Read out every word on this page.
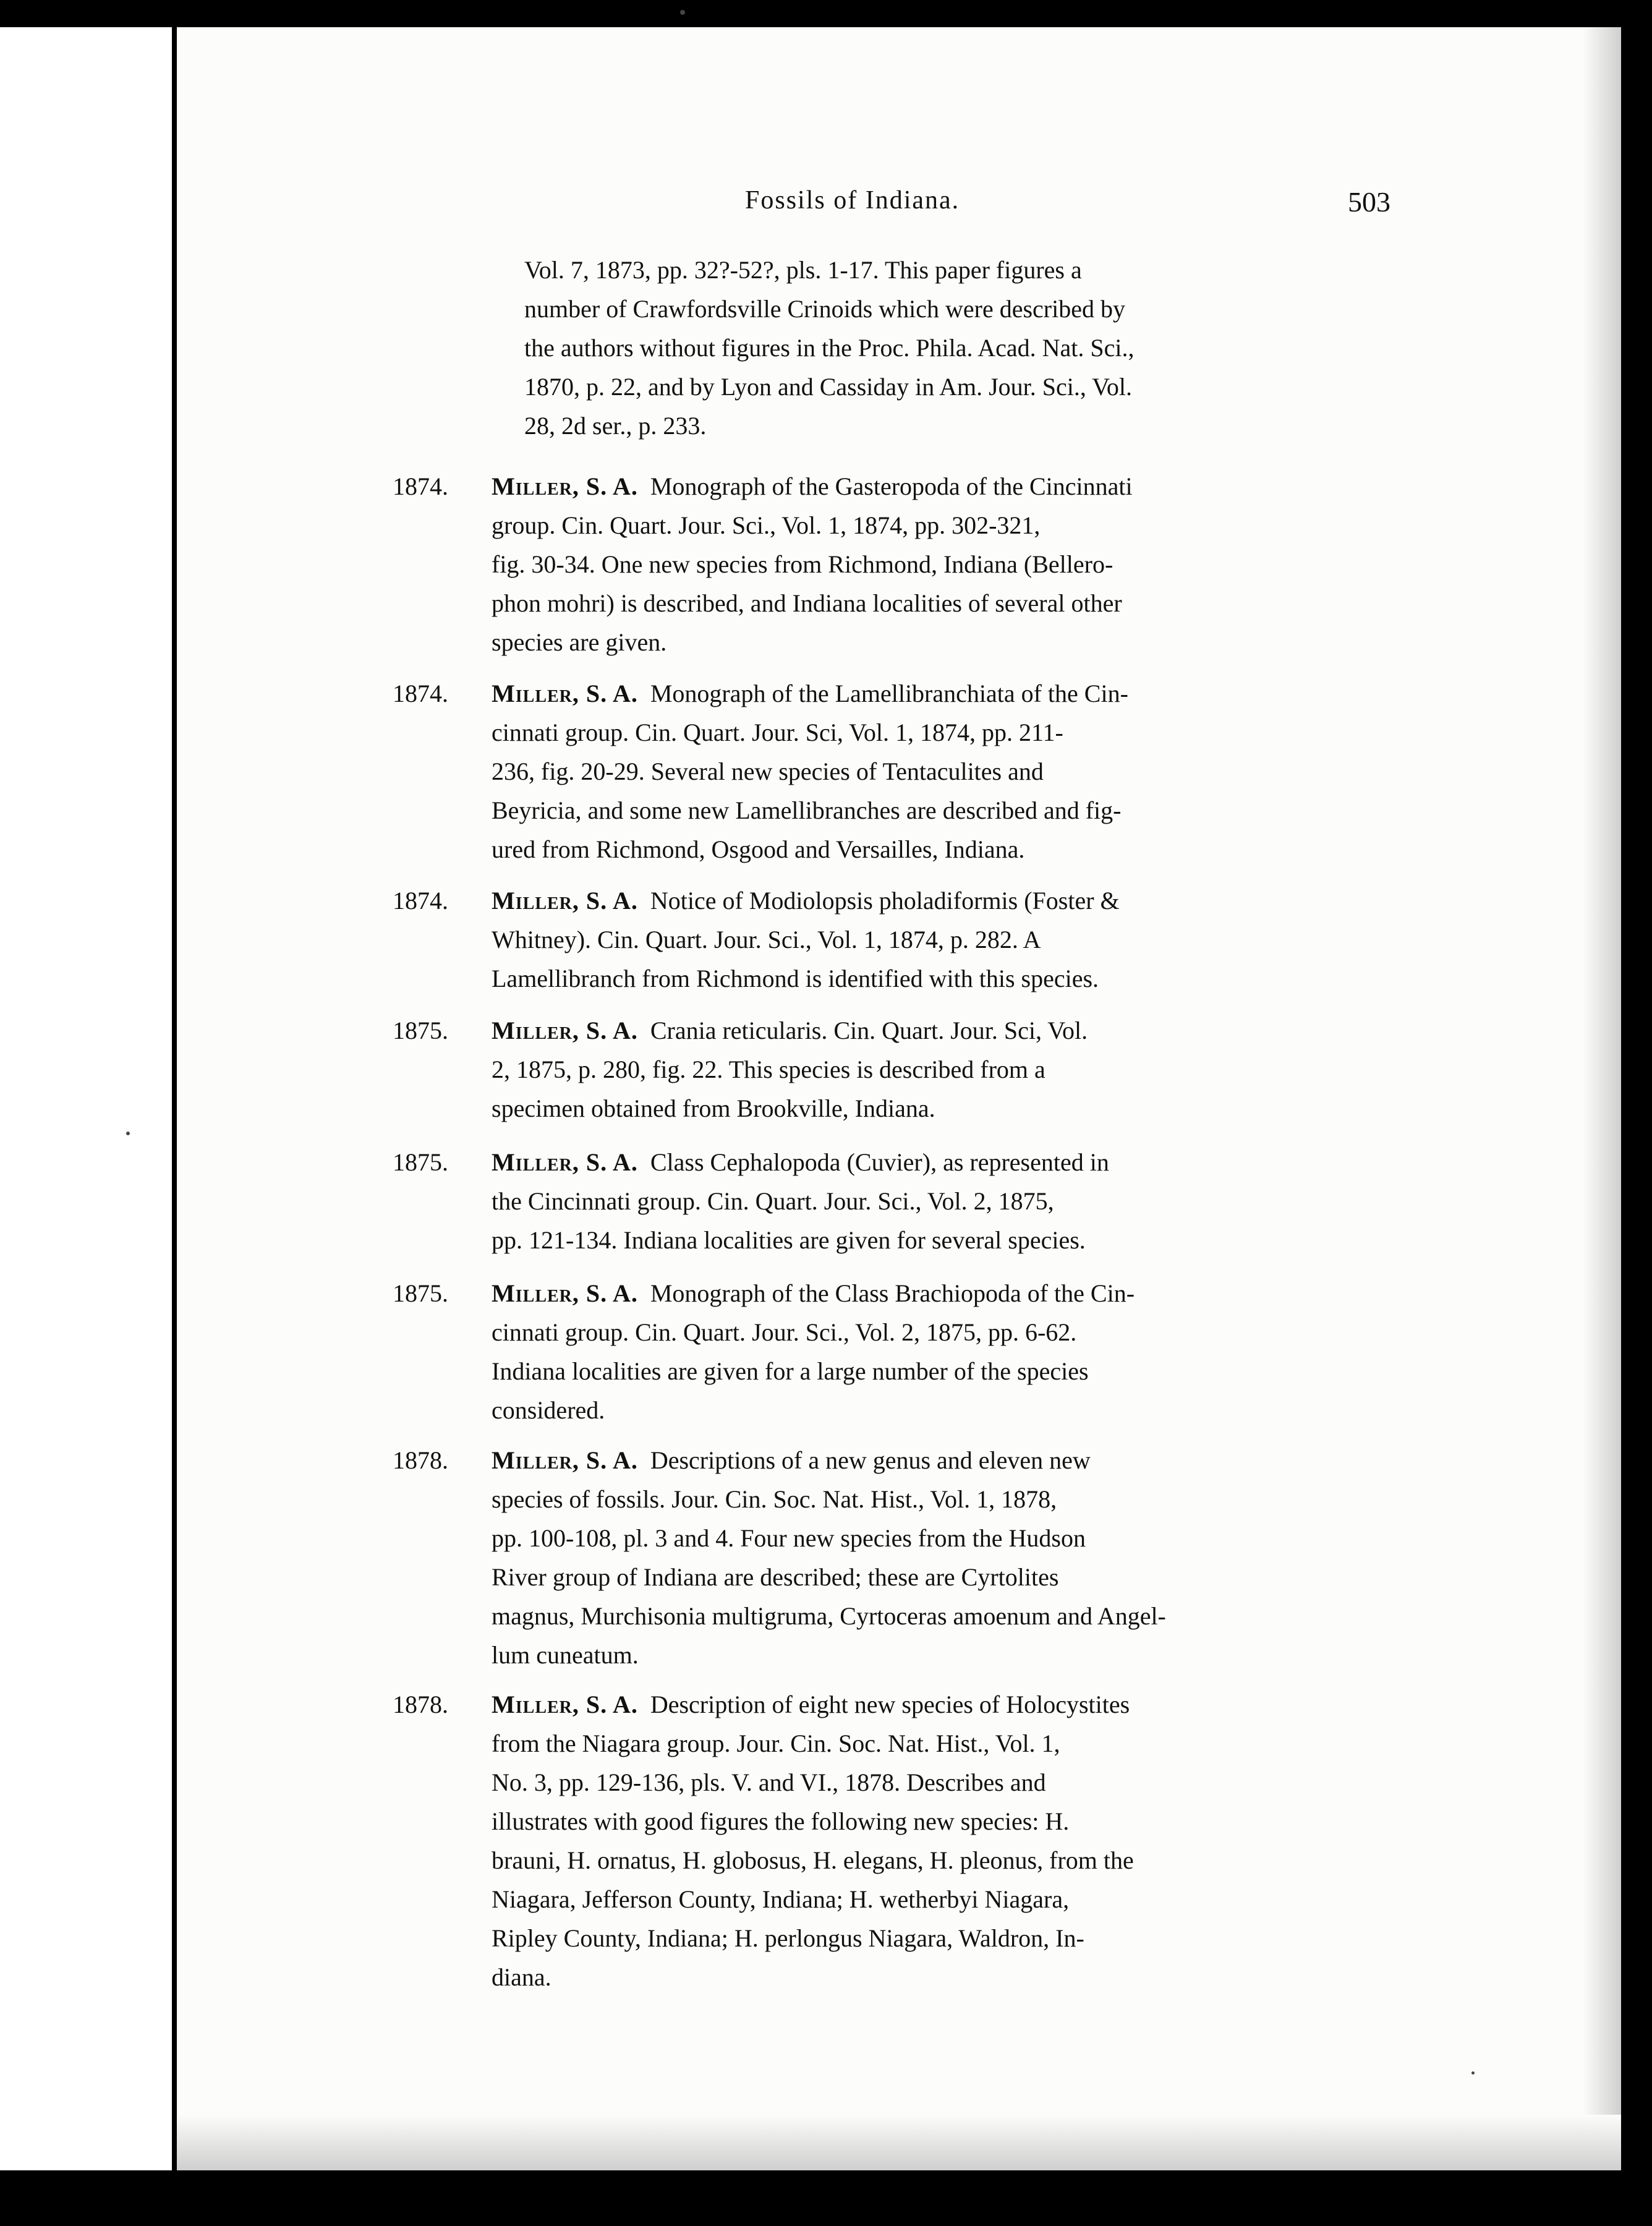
Fossils of Indiana.	503
Vol. 7, 1873, pp. 32?-52?, pls. 1-17. This paper figures a
number of Crawfordsville Crinoids which were described by
the authors without figures in the Proc. Phila. Acad. Nat. Sci.,
1870, p. 22, and by Lyon and Cassiday in Am. Jour. Sci., Vol.
28, 2d ser., p. 233.
1874. Miller, S. A. Monograph of the Gasteropoda of the Cincinnati
group. Cin. Quart. Jour. Sci., Vol. 1, 1874, pp. 302-321,
fig. 30-34. One new species from Richmond, Indiana (Bellero-
phon mohri) is described, and Indiana localities of several other
species are given.
1874. Miller, S. A. Monograph of the Lamellibranchiata of the Cin-
cinnati group. Cin. Quart. Jour. Sci, Vol. 1, 1874, pp. 211-
236, fig. 20-29. Several new species of Tentaculites and
Beyricia, and some new Lamellibranches are described and fig-
ured from Richmond, Osgood and Versailles, Indiana.
1874. Miller, S. A. Notice of Modiolopsis pholadiformis (Foster &
Whitney). Cin. Quart. Jour. Sci., Vol. 1, 1874, p. 282. A
Lamellibranch from Richmond is identified with this species.
1875. Miller, S. A. Crania reticularis. Cin. Quart. Jour. Sci, Vol.
2, 1875, p. 280, fig. 22. This species is described from a
specimen obtained from Brookville, Indiana.
1875. Miller, S. A. Class Cephalopoda (Cuvier), as represented in
the Cincinnati group. Cin. Quart. Jour. Sci., Vol. 2, 1875,
pp. 121-134. Indiana localities are given for several species.
1875. Miller, S. A. Monograph of the Class Brachiopoda of the Cin-
cinnati group. Cin. Quart. Jour. Sci., Vol. 2, 1875, pp. 6-62.
Indiana localities are given for a large number of the species
considered.
1878. Miller, S. A. Descriptions of a new genus and eleven new
species of fossils. Jour. Cin. Soc. Nat. Hist., Vol. 1, 1878,
pp. 100-108, pl. 3 and 4. Four new species from the Hudson
River group of Indiana are described; these are Cyrtolites
magnus, Murchisonia multigruma, Cyrtoceras amoenum and Angel-
lum cuneatum.
1878. Miller, S. A. Description of eight new species of Holocystites
from the Niagara group. Jour. Cin. Soc. Nat. Hist., Vol. 1,
No. 3, pp. 129-136, pls. V. and VI., 1878. Describes and
illustrates with good figures the following new species: H.
brauni, H. ornatus, H. globosus, H. elegans, H. pleonus, from the
Niagara, Jefferson County, Indiana; H. wetherbyi Niagara,
Ripley County, Indiana; H. perlongus Niagara, Waldron, In-
diana.
